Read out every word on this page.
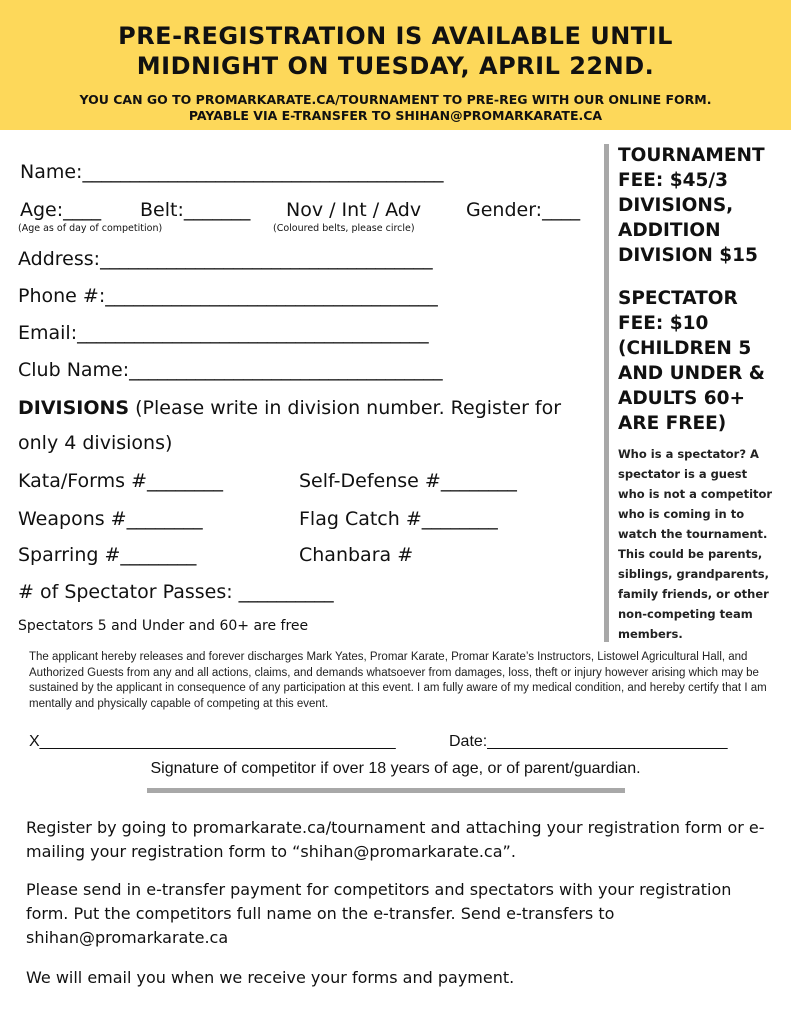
PRE-REGISTRATION IS AVAILABLE UNTIL
MIDNIGHT ON TUESDAY, APRIL 22ND.
YOU CAN GO TO PROMARKARATE.CA/TOURNAMENT TO PRE-REG WITH OUR ONLINE FORM.
PAYABLE VIA E-TRANSFER TO SHIHAN@PROMARKARATE.CA
Name:______________________________________
Age:____ Belt:_______ Nov / Int / Adv Gender:____
(Age as of day of competition)	(Coloured belts, please circle)
Address:___________________________________
Phone #:___________________________________
Email:_____________________________________
Club Name:_________________________________
DIVISIONS (Please write in division number. Register for
only 4 divisions)
Kata/Forms #________	Self-Defense #________
Weapons #________	Flag Catch #________
Sparring #________	Chanbara #
# of Spectator Passes: __________
Spectators 5 and Under and 60+ are free
TOURNAMENT
FEE: $45/3
DIVISIONS,
ADDITION
DIVISION $15
SPECTATOR
FEE: $10
(CHILDREN 5
AND UNDER &
ADULTS 60+
ARE FREE)
Who is a spectator? A
spectator is a guest
who is not a competitor
who is coming in to
watch the tournament.
This could be parents,
siblings, grandparents,
family friends, or other
non-competing team
members.
The applicant hereby releases and forever discharges Mark Yates, Promar Karate, Promar Karate’s Instructors, Listowel Agricultural Hall, and Authorized Guests from any and all actions, claims, and demands whatsoever from damages, loss, theft or injury however arising which may be sustained by the applicant in consequence of any participation at this event. I am fully aware of my medical condition, and hereby certify that I am mentally and physically capable of competing at this event.
X________________________________________	Date:___________________________
Signature of competitor if over 18 years of age, or of parent/guardian.
Register by going to promarkarate.ca/tournament and attaching your registration form or e-mailing your registration form to “shihan@promarkarate.ca”.
Please send in e-transfer payment for competitors and spectators with your registration form. Put the competitors full name on the e-transfer. Send e-transfers to shihan@promarkarate.ca
We will email you when we receive your forms and payment.
